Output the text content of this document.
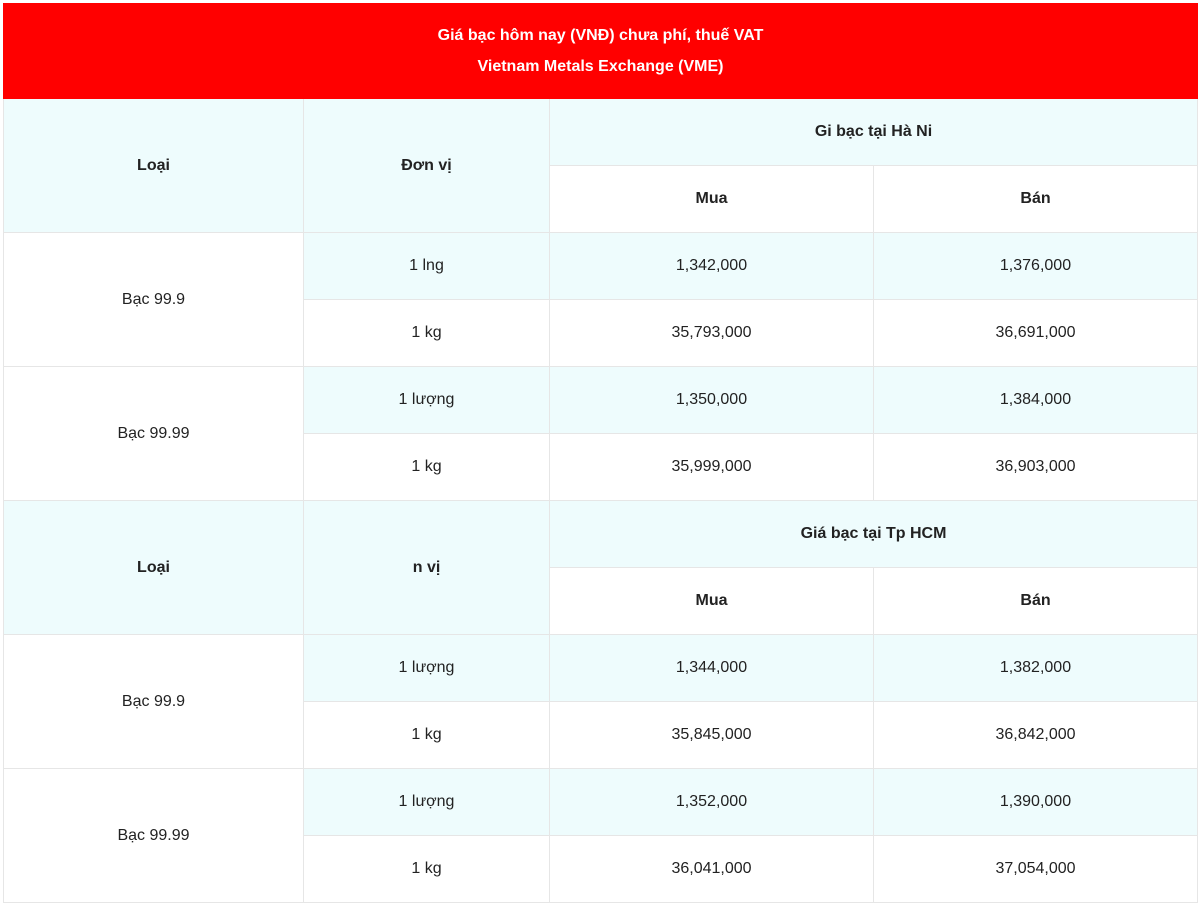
Giá bạc hôm nay (VNĐ) chưa phí, thuế VAT
Vietnam Metals Exchange (VME)			

Loại	Đơn vị	Gi bạc tại Hà Ni	
		Mua	Bán
Bạc 99.9	1 lng	1,342,000	1,376,000
	1 kg	35,793,000	36,691,000
Bạc 99.99	1 lượng	1,350,000	1,384,000
	1 kg	35,999,000	36,903,000
Loại	n vị	Giá bạc tại Tp HCM	
		Mua	Bán
Bạc 99.9	1 lượng	1,344,000	1,382,000
	1 kg	35,845,000	36,842,000
Bạc 99.99	1 lượng	1,352,000	1,390,000
	1 kg	36,041,000	37,054,000
